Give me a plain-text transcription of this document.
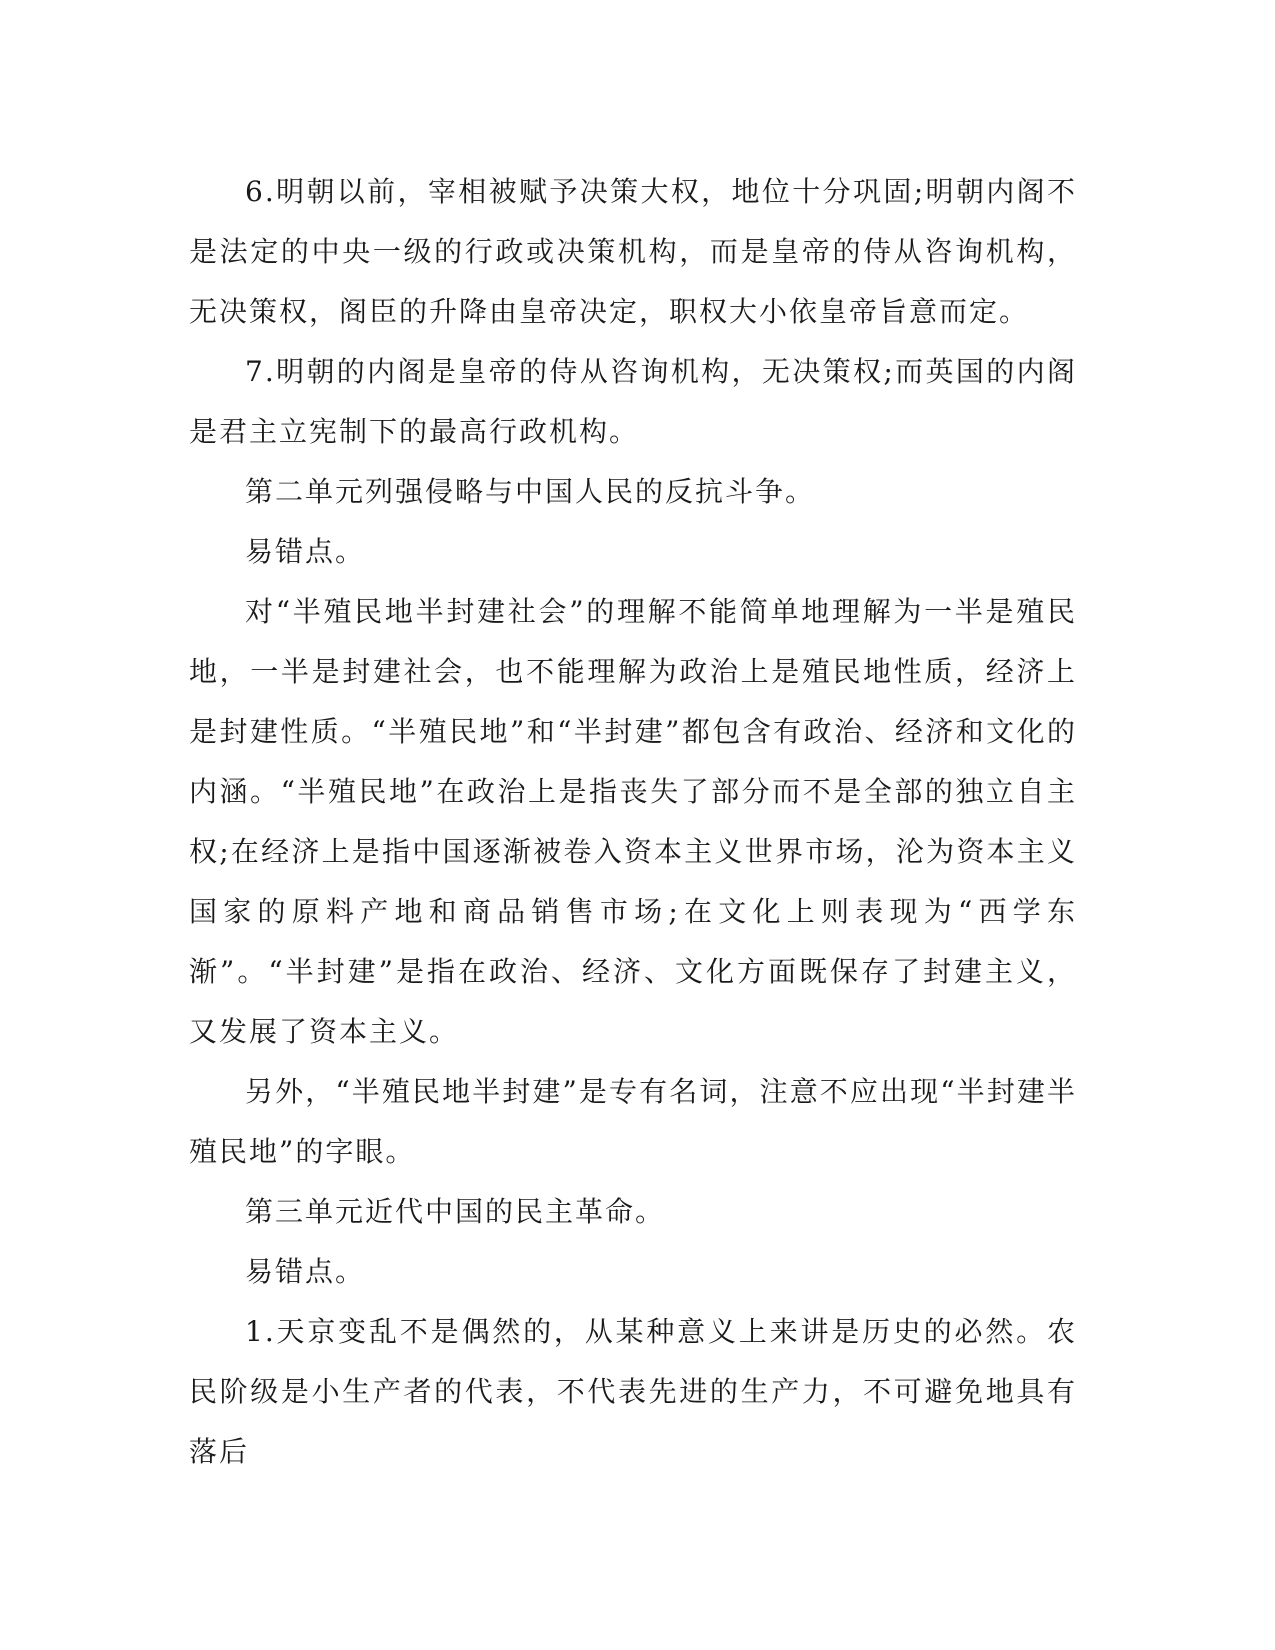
6.明朝以前，宰相被赋予决策大权，地位十分巩固;明朝内阁不是法定的中央一级的行政或决策机构，而是皇帝的侍从咨询机构，无决策权，阁臣的升降由皇帝决定，职权大小依皇帝旨意而定。

7.明朝的内阁是皇帝的侍从咨询机构，无决策权;而英国的内阁是君主立宪制下的最高行政机构。

第二单元列强侵略与中国人民的反抗斗争。

易错点。

对“半殖民地半封建社会”的理解不能简单地理解为一半是殖民地，一半是封建社会，也不能理解为政治上是殖民地性质，经济上是封建性质。“半殖民地”和“半封建”都包含有政治、经济和文化的内涵。“半殖民地”在政治上是指丧失了部分而不是全部的独立自主权;在经济上是指中国逐渐被卷入资本主义世界市场，沦为资本主义国家的原料产地和商品销售市场;在文化上则表现为“西学东渐”。“半封建”是指在政治、经济、文化方面既保存了封建主义，又发展了资本主义。

另外，“半殖民地半封建”是专有名词，注意不应出现“半封建半殖民地”的字眼。

第三单元近代中国的民主革命。

易错点。

1.天京变乱不是偶然的，从某种意义上来讲是历史的必然。农民阶级是小生产者的代表，不代表先进的生产力，不可避免地具有落后
